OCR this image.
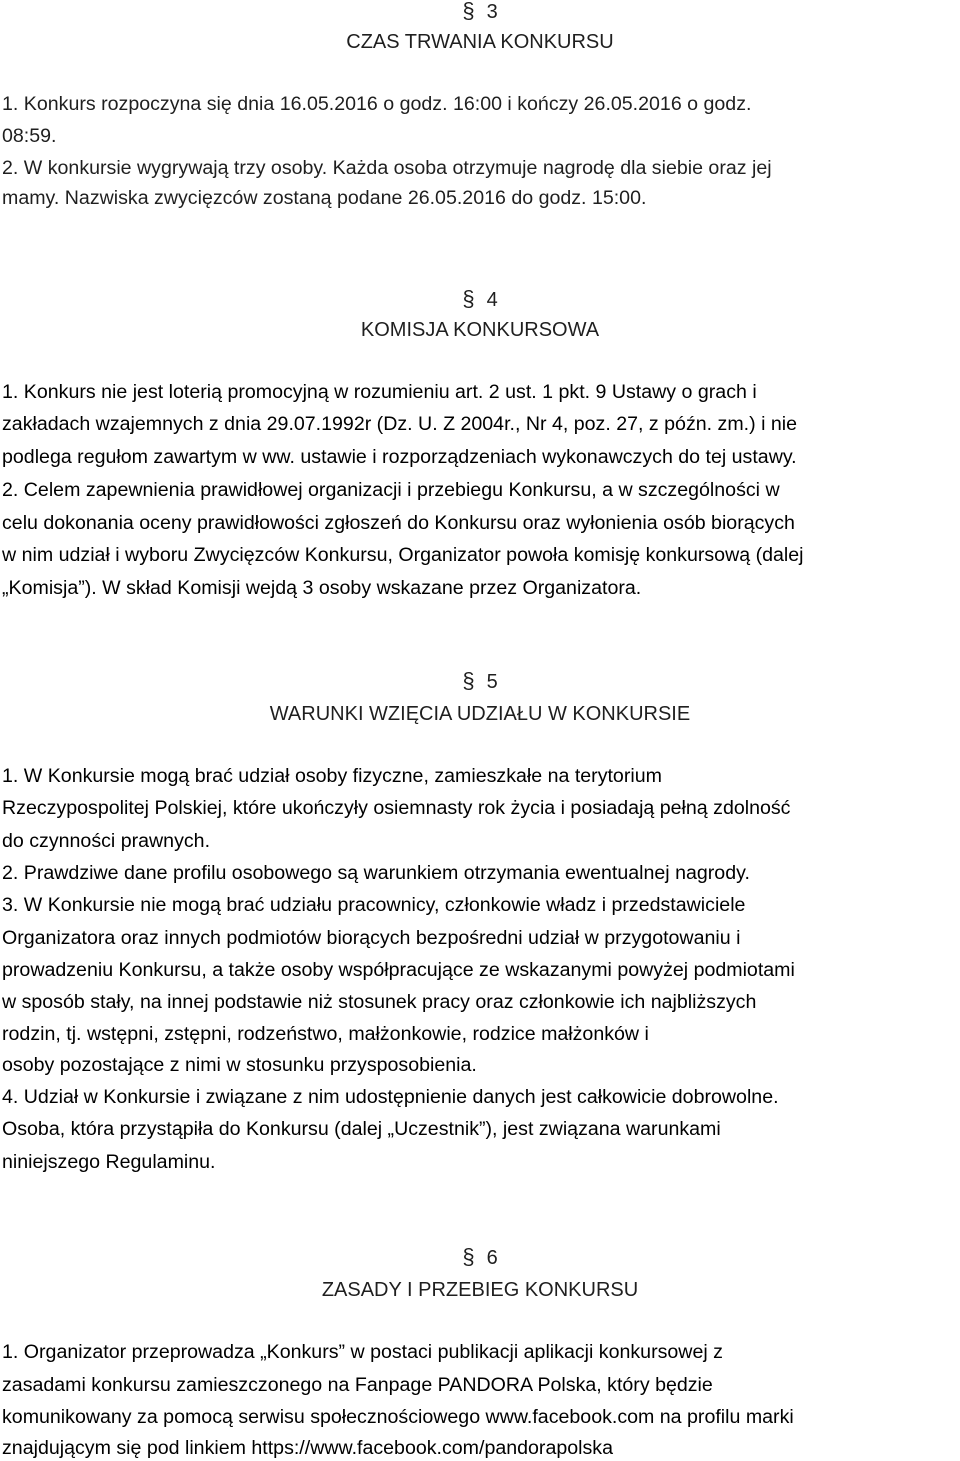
§ 3
CZAS TRWANIA KONKURSU
1. Konkurs rozpoczyna się dnia 16.05.2016 o godz. 16:00 i kończy 26.05.2016 o godz.
08:59.
2. W konkursie wygrywają trzy osoby. Każda osoba otrzymuje nagrodę dla siebie oraz jej
mamy. Nazwiska zwycięzców zostaną podane 26.05.2016 do godz. 15:00.
§ 4
KOMISJA KONKURSOWA
1. Konkurs nie jest loterią promocyjną w rozumieniu art. 2 ust. 1 pkt. 9 Ustawy o grach i
zakładach wzajemnych z dnia 29.07.1992r (Dz. U. Z 2004r., Nr 4, poz. 27, z późn. zm.) i nie
podlega regułom zawartym w ww. ustawie i rozporządzeniach wykonawczych do tej ustawy.
2. Celem zapewnienia prawidłowej organizacji i przebiegu Konkursu, a w szczególności w
celu dokonania oceny prawidłowości zgłoszeń do Konkursu oraz wyłonienia osób biorących
w nim udział i wyboru Zwycięzców Konkursu, Organizator powoła komisję konkursową (dalej
„Komisja”). W skład Komisji wejdą 3 osoby wskazane przez Organizatora.
§ 5
WARUNKI WZIĘCIA UDZIAŁU W KONKURSIE
1. W Konkursie mogą brać udział osoby fizyczne, zamieszkałe na terytorium
Rzeczypospolitej Polskiej, które ukończyły osiemnasty rok życia i posiadają pełną zdolność
do czynności prawnych.
2. Prawdziwe dane profilu osobowego są warunkiem otrzymania ewentualnej nagrody.
3. W Konkursie nie mogą brać udziału pracownicy, członkowie władz i przedstawiciele
Organizatora oraz innych podmiotów biorących bezpośredni udział w przygotowaniu i
prowadzeniu Konkursu, a także osoby współpracujące ze wskazanymi powyżej podmiotami
w sposób stały, na innej podstawie niż stosunek pracy oraz członkowie ich najbliższych
rodzin, tj. wstępni, zstępni, rodzeństwo, małżonkowie, rodzice małżonków i
osoby pozostające z nimi w stosunku przysposobienia.
4. Udział w Konkursie i związane z nim udostępnienie danych jest całkowicie dobrowolne.
Osoba, która przystąpiła do Konkursu (dalej „Uczestnik”), jest związana warunkami
niniejszego Regulaminu.
§ 6
ZASADY I PRZEBIEG KONKURSU
1. Organizator przeprowadza „Konkurs” w postaci publikacji aplikacji konkursowej z
zasadami konkursu zamieszczonego na Fanpage PANDORA Polska, który będzie
komunikowany za pomocą serwisu społecznościowego www.facebook.com na profilu marki
znajdującym się pod linkiem https://www.facebook.com/pandorapolska
